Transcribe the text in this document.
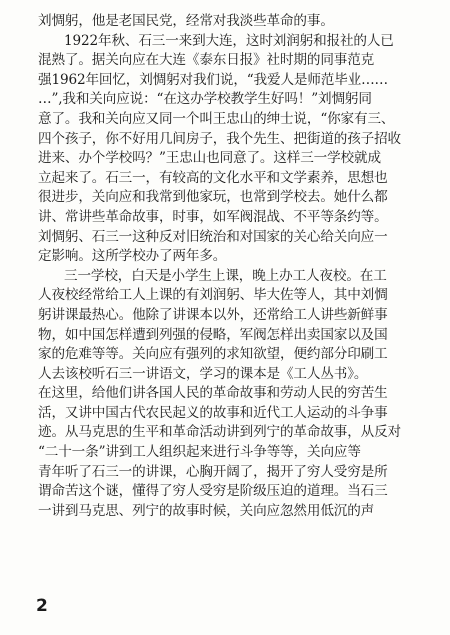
刘惆躬，他是老国民党，经常对我淡些革命的事。
1922年秋、石三一来到大连，这时刘润躬和报社的人已
混熟了。据关向应在大连《泰东日报》社时期的同事范克
强1962年回忆，刘惆躬对我们说，“我爱人是师范毕业……
…”,我和关向应说：“在这办学校教学生好吗！”刘惆躬同
意了。我和关向应又同一个叫王忠山的绅士说，“你家有三、
四个孩子，你不好用几间房子，我个先生、把街道的孩子招收
进来、办个学校吗？”王忠山也同意了。这样三一学校就成
立起来了。石三一，有较高的文化水平和文学素养，思想也
很进步，关向应和我常到他家玩，也常到学校去。她什么都
讲、常讲些革命故事，时事，如军阀混战、不平等条约等。
刘惆躬、石三一这种反对旧统治和对国家的关心给关向应一
定影响。这所学校办了两年多。
三一学校，白天是小学生上课，晚上办工人夜校。在工
人夜校经常给工人上课的有刘润躬、毕大佐等人，其中刘惆
躬讲课最热心。他除了讲课本以外，还常给工人讲些新鲜事
物，如中国怎样遭到列强的侵略，军阀怎样出卖国家以及国
家的危难等等。关向应有强列的求知欲望，便约部分印刷工
人去该校听石三一讲语文，学习的课本是《工人丛书》。
在这里，给他们讲各国人民的革命故事和劳动人民的穷苦生
活，又讲中国古代农民起义的故事和近代工人运动的斗争事
迹。从马克思的生平和革命活动讲到列宁的革命故事，从反对
“二十一条”讲到工人组织起来进行斗争等等，关向应等
青年听了石三一的讲课，心胸开阔了，揭开了穷人受穷是所
谓命苦这个谜，懂得了穷人受穷是阶级压迫的道理。当石三
一讲到马克思、列宁的故事时候，关向应忽然用低沉的声
2
